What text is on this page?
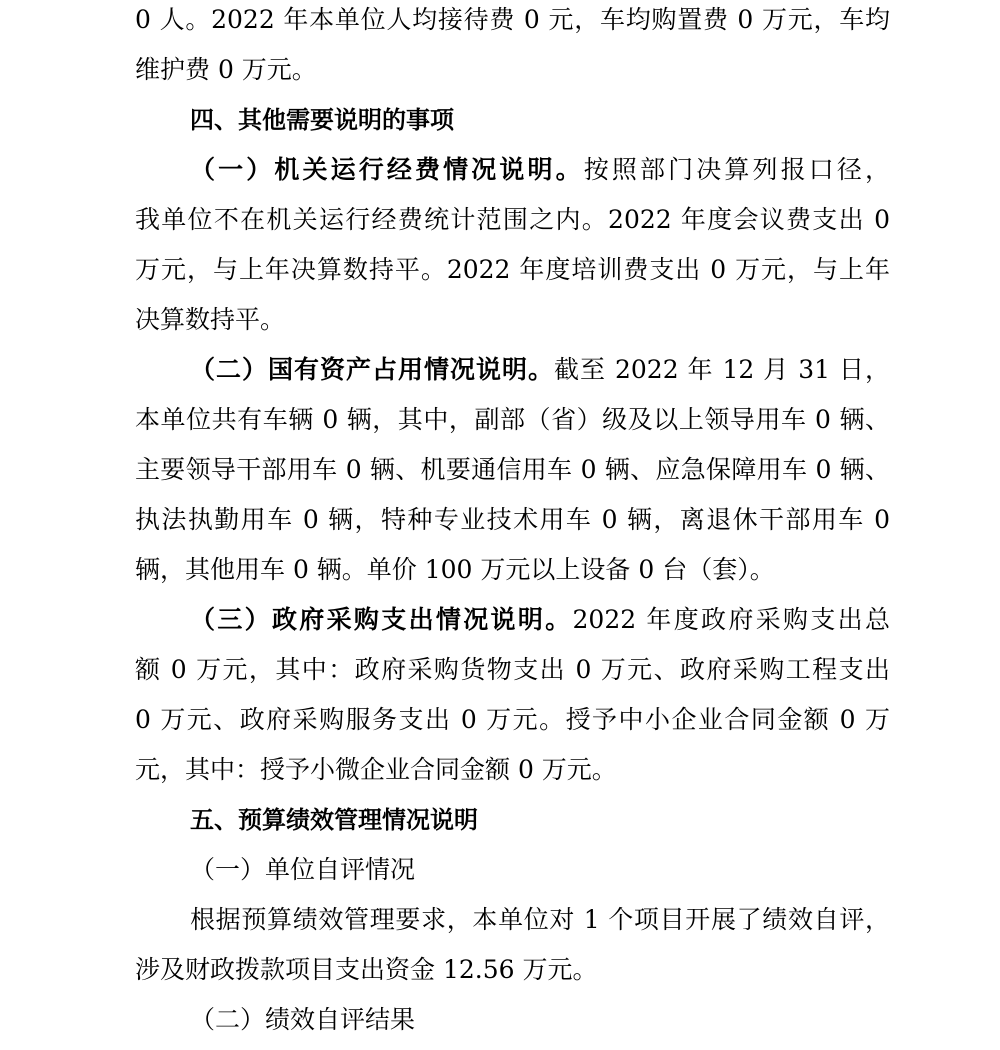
0 人。2022 年本单位人均接待费 0 元，车均购置费 0 万元，车均
维护费 0 万元。
四、其他需要说明的事项
（一）机关运行经费情况说明。按照部门决算列报口径，
我单位不在机关运行经费统计范围之内。2022 年度会议费支出 0
万元，与上年决算数持平。2022 年度培训费支出 0 万元，与上年
决算数持平。
（二）国有资产占用情况说明。截至 2022 年 12 月 31 日，
本单位共有车辆 0 辆，其中，副部（省）级及以上领导用车 0 辆、
主要领导干部用车 0 辆、机要通信用车 0 辆、应急保障用车 0 辆、
执法执勤用车 0 辆，特种专业技术用车 0 辆，离退休干部用车 0
辆，其他用车 0 辆。单价 100 万元以上设备 0 台（套）。
（三）政府采购支出情况说明。2022 年度政府采购支出总
额 0 万元，其中：政府采购货物支出 0 万元、政府采购工程支出
0 万元、政府采购服务支出 0 万元。授予中小企业合同金额 0 万
元，其中：授予小微企业合同金额 0 万元。
五、预算绩效管理情况说明
（一）单位自评情况
根据预算绩效管理要求，本单位对 1 个项目开展了绩效自评，
涉及财政拨款项目支出资金 12.56 万元。
（二）绩效自评结果
